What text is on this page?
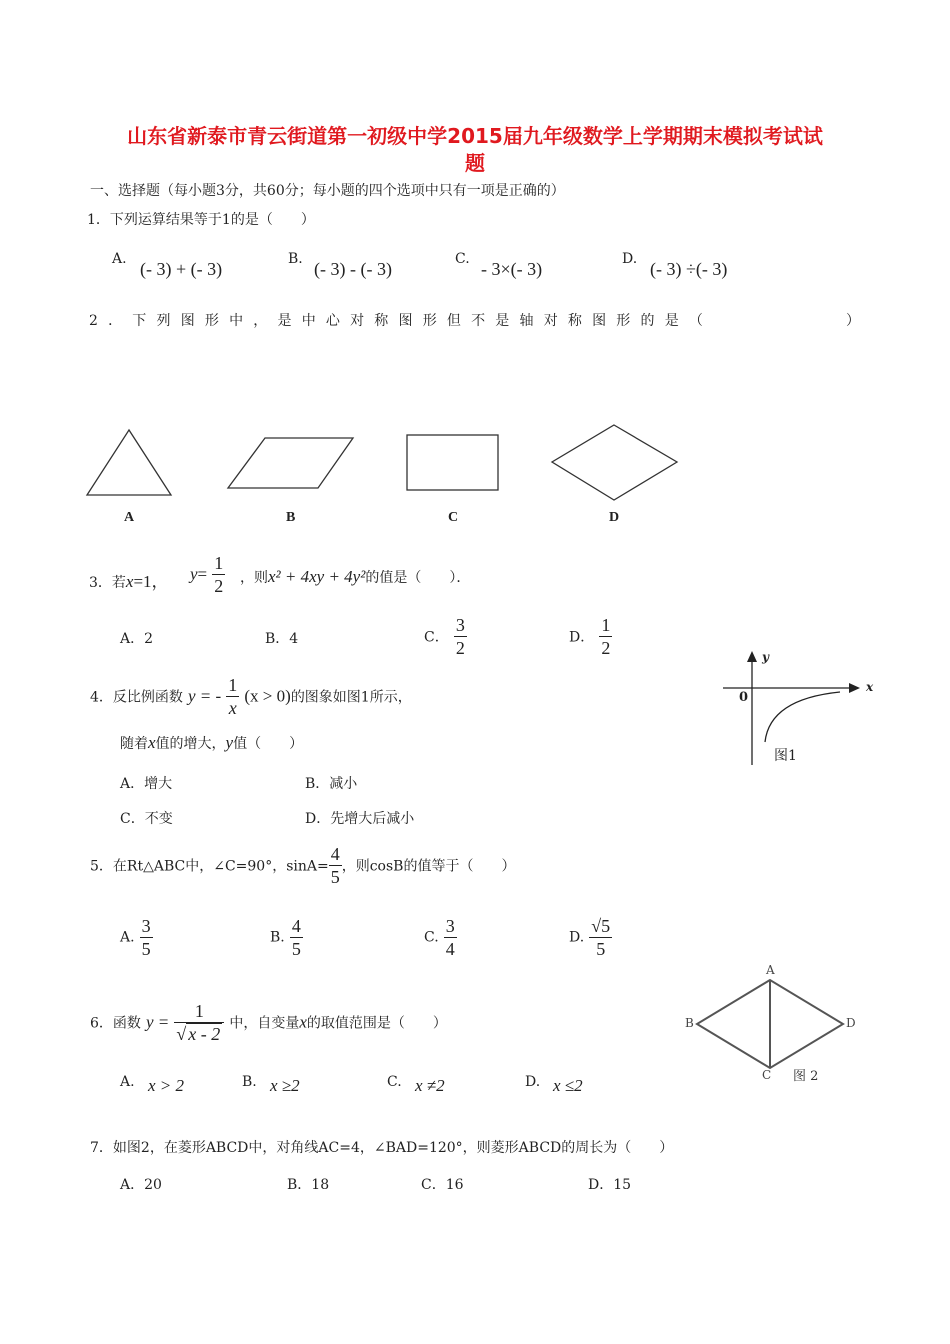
山东省新泰市青云街道第一初级中学2015届九年级数学上学期期末模拟考试试
题
一、选择题（每小题3分，共60分；每小题的四个选项中只有一项是正确的）
1．下列运算结果等于1的是（　　）
A. (- 3) + (- 3)	B. (- 3) - (- 3)	C. - 3×(- 3)	D. (- 3) ÷(- 3)
2．下列图形中，是中心对称图形但不是轴对称图形的是（	）
A	B	C	D
3．若x=1， $y= \frac{1}{2}$ ，则x² + 4xy + 4y²的值是（　　）．
A．2	B．4	C． $\frac{3}{2}$	D． $\frac{1}{2}$
4．反比例函数 y = - $\frac{1}{x} (x > 0)$的图象如图1所示，
随着x值的增大，y值（　　）
A．增大	B．减小
C．不变	D．先增大后减小
y
x
0
图1
5．在Rt△ABC中，∠C=90°，$\sin A= \frac{4}{5}$ ，则cosB的值等于（　　）
A. $\frac{3}{5}$	B. $\frac{4}{5}$	C. $\frac{3}{4}$	D. $\frac{√5}{5}$
6．函数 $y = \frac{1}{√ x - 2}$ 中，自变量x的取值范围是（　　）
A. x > 2	B. x ≥2	C. x ≠2	D. x ≤2
A
B
C
D
图 2
7．如图2，在菱形ABCD中，对角线AC=4，∠BAD=120°，则菱形ABCD的周长为（　　）
A．20	B．18	C．16	D．15
